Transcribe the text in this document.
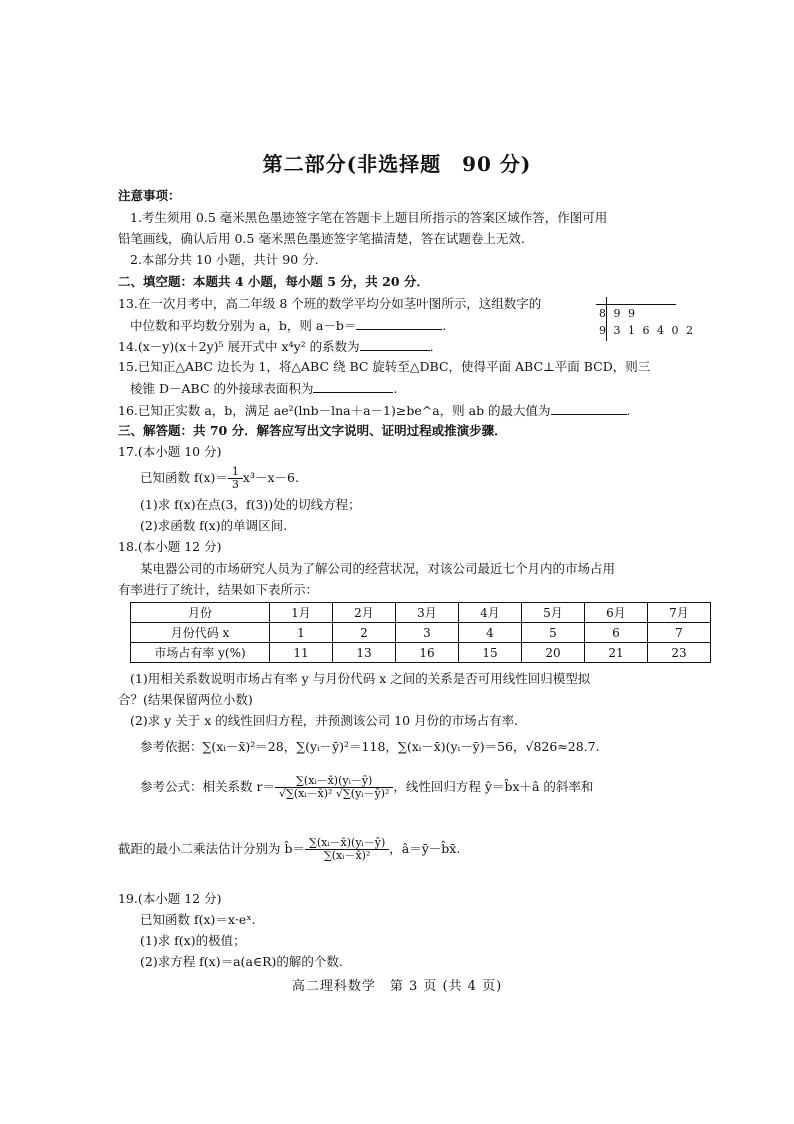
第二部分(非选择题　90 分)
注意事项：
1.考生须用 0.5 毫米黑色墨迹签字笔在答题卡上题目所指示的答案区域作答，作图可用
铅笔画线，确认后用 0.5 毫米黑色墨迹签字笔描清楚，答在试题卷上无效.
2.本部分共 10 小题，共计 90 分.
二、填空题：本题共 4 小题，每小题 5 分，共 20 分．
13.在一次月考中，高二年级 8 个班的数学平均分如茎叶图所示，这组数字的
中位数和平均数分别为 a，b，则 a－b＝	.
8 9 9
9 3 1 6 4 0 2
14.(x－y)(x＋2y)⁵ 展开式中 x⁴y² 的系数为	.
15.已知正△ABC 边长为 1，将△ABC 绕 BC 旋转至△DBC，使得平面 ABC⊥平面 BCD，则三
棱锥 D－ABC 的外接球表面积为	.
16.已知正实数 a，b，满足 ae²(lnb－lna＋a－1)≥be^a，则 ab 的最大值为	.
三、解答题：共 70 分．解答应写出文字说明、证明过程或推演步骤．
17.(本小题 10 分)
已知函数 $f(x)= \frac{1}{3} x^3-x-6$.
(1)求 f(x)在点(3，f(3))处的切线方程；
(2)求函数 f(x)的单调区间.
18.(本小题 12 分)
某电器公司的市场研究人员为了解公司的经营状况，对该公司最近七个月内的市场占用
有率进行了统计，结果如下表所示：
月份	1月	2月	3月	4月	5月	6月	7月
月份代码 x	1	2	3	4	5	6	7
市场占有率 y(%)	11	13	16	15	20	21	23
(1)用相关系数说明市场占有率 y 与月份代码 x 之间的关系是否可用线性回归模型拟
合？(结果保留两位小数)
(2)求 y 关于 x 的线性回归方程，并预测该公司 10 月份的市场占有率．
参考依据：∑(xᵢ－x̄)²＝28，∑(yᵢ－ȳ)²＝118，∑(xᵢ－x̄)(yᵢ－ȳ)＝56，√826≈28.7.
参考公式：相关系数 $r= \frac{\text{∑(xᵢ－x̄)(yᵢ－ȳ)}}{\text{√∑(xᵢ－x̄)² √∑(yᵢ－ȳ)²}}$ ，线性回归方程 ŷ＝b̂x＋â 的斜率和
截距的最小二乘法估计分别为 b̂＝ $\frac{\text{∑(xᵢ－x̄)(yᵢ－ȳ)}}{\text{∑(xᵢ－x̄)²}}$ ，â＝ȳ－b̂x̄.
19.(本小题 12 分)
已知函数 f(x)＝x·eˣ.
(1)求 f(x)的极值；
(2)求方程 f(x)＝a(a∈R)的解的个数.
高二理科数学　第 3 页 (共 4 页)
